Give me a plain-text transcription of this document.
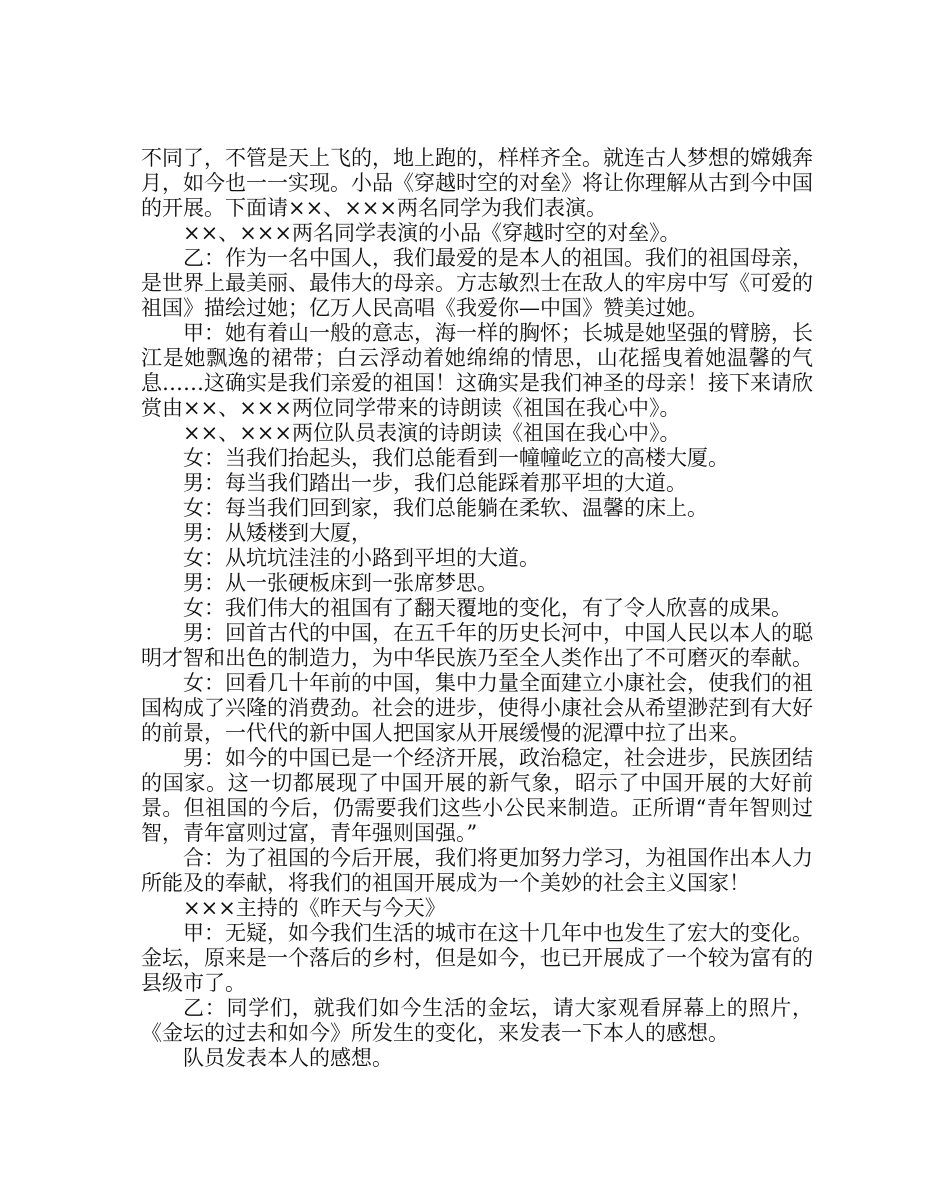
不同了，不管是天上飞的，地上跑的，样样齐全。就连古人梦想的嫦娥奔月，如今也一一实现。小品《穿越时空的对垒》将让你理解从古到今中国的开展。下面请××、×××两名同学为我们表演。

××、×××两名同学表演的小品《穿越时空的对垒》。

乙：作为一名中国人，我们最爱的是本人的祖国。我们的祖国母亲，是世界上最美丽、最伟大的母亲。方志敏烈士在敌人的牢房中写《可爱的祖国》描绘过她；亿万人民高唱《我爱你—中国》赞美过她。

甲：她有着山一般的意志，海一样的胸怀；长城是她坚强的臂膀，长江是她飘逸的裙带；白云浮动着她绵绵的情思，山花摇曳着她温馨的气息……这确实是我们亲爱的祖国！这确实是我们神圣的母亲！接下来请欣赏由××、×××两位同学带来的诗朗读《祖国在我心中》。

××、×××两位队员表演的诗朗读《祖国在我心中》。

女：当我们抬起头，我们总能看到一幢幢屹立的高楼大厦。

男：每当我们踏出一步，我们总能踩着那平坦的大道。

女：每当我们回到家，我们总能躺在柔软、温馨的床上。

男：从矮楼到大厦，

女：从坑坑洼洼的小路到平坦的大道。

男：从一张硬板床到一张席梦思。

女：我们伟大的祖国有了翻天覆地的变化，有了令人欣喜的成果。

男：回首古代的中国，在五千年的历史长河中，中国人民以本人的聪明才智和出色的制造力，为中华民族乃至全人类作出了不可磨灭的奉献。

女：回看几十年前的中国，集中力量全面建立小康社会，使我们的祖国构成了兴隆的消费劲。社会的进步，使得小康社会从希望渺茫到有大好的前景，一代代的新中国人把国家从开展缓慢的泥潭中拉了出来。

男：如今的中国已是一个经济开展，政治稳定，社会进步，民族团结的国家。这一切都展现了中国开展的新气象，昭示了中国开展的大好前景。但祖国的今后，仍需要我们这些小公民来制造。正所谓“青年智则过智，青年富则过富，青年强则国强。”

合：为了祖国的今后开展，我们将更加努力学习，为祖国作出本人力所能及的奉献，将我们的祖国开展成为一个美妙的社会主义国家！

×××主持的《昨天与今天》

甲：无疑，如今我们生活的城市在这十几年中也发生了宏大的变化。金坛，原来是一个落后的乡村，但是如今，也已开展成了一个较为富有的县级市了。

乙：同学们，就我们如今生活的金坛，请大家观看屏幕上的照片，《金坛的过去和如今》所发生的变化，来发表一下本人的感想。

队员发表本人的感想。
